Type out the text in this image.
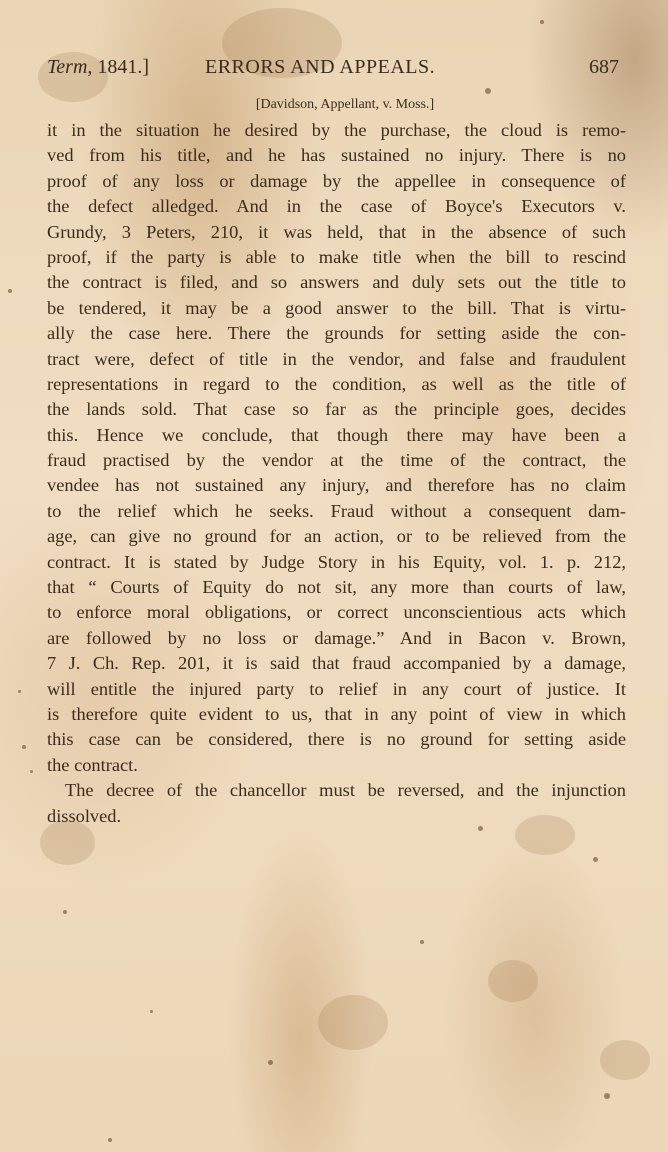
Term, 1841.]	ERRORS AND APPEALS.	687
[Davidson, Appellant, v. Moss.]
it in the situation he desired by the purchase, the cloud is remo-
ved from his title, and he has sustained no injury. There is no
proof of any loss or damage by the appellee in consequence of
the defect alledged. And in the case of Boyce's Executors v.
Grundy, 3 Peters, 210, it was held, that in the absence of such
proof, if the party is able to make title when the bill to rescind
the contract is filed, and so answers and duly sets out the title to
be tendered, it may be a good answer to the bill. That is virtu-
ally the case here. There the grounds for setting aside the con-
tract were, defect of title in the vendor, and false and fraudulent
representations in regard to the condition, as well as the title of
the lands sold. That case so far as the principle goes, decides
this. Hence we conclude, that though there may have been a
fraud practised by the vendor at the time of the contract, the
vendee has not sustained any injury, and therefore has no claim
to the relief which he seeks. Fraud without a consequent dam-
age, can give no ground for an action, or to be relieved from the
contract. It is stated by Judge Story in his Equity, vol. 1. p. 212,
that “ Courts of Equity do not sit, any more than courts of law,
to enforce moral obligations, or correct unconscientious acts which
are followed by no loss or damage.” And in Bacon v. Brown,
7 J. Ch. Rep. 201, it is said that fraud accompanied by a damage,
will entitle the injured party to relief in any court of justice. It
is therefore quite evident to us, that in any point of view in which
this case can be considered, there is no ground for setting aside
the contract.
The decree of the chancellor must be reversed, and the injunction
dissolved.
